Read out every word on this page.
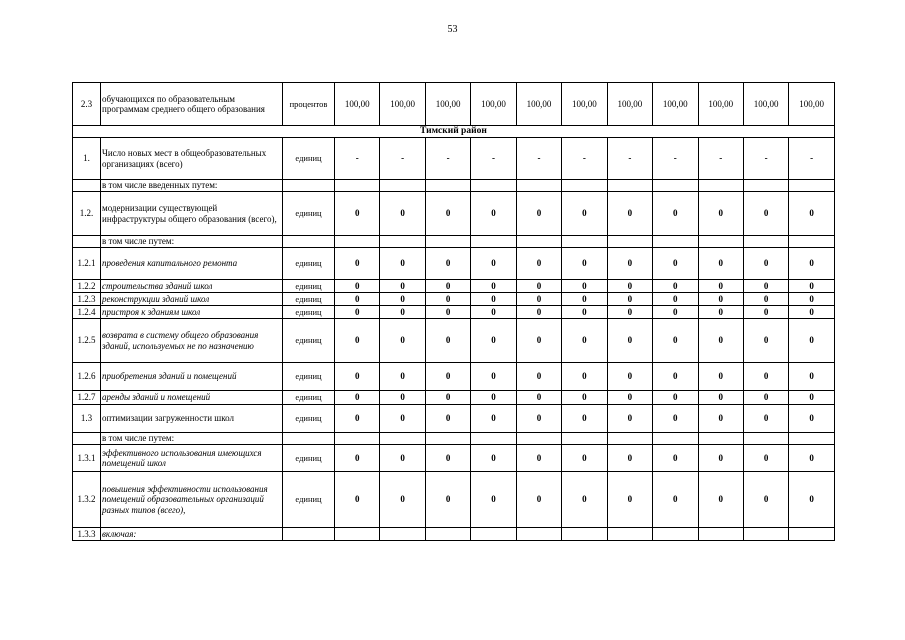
53
2.3	обучающихся по образовательным программам среднего общего образования	процентов	100,00	100,00	100,00	100,00	100,00	100,00	100,00	100,00	100,00	100,00	100,00
Тимский район													
1.	Число новых мест в общеобразовательных организациях (всего)	единиц	-	-	-	-	-	-	-	-	-	-	-
	в том числе введенных путем:												
1.2.	модернизации существующей инфраструктуры общего образования (всего),	единиц	0	0	0	0	0	0	0	0	0	0	0
	в том числе путем:												
1.2.1	проведения капитального ремонта	единиц	0	0	0	0	0	0	0	0	0	0	0
1.2.2	строительства зданий школ	единиц	0	0	0	0	0	0	0	0	0	0	0
1.2.3	реконструкции зданий школ	единиц	0	0	0	0	0	0	0	0	0	0	0
1.2.4	пристроя к зданиям школ	единиц	0	0	0	0	0	0	0	0	0	0	0
1.2.5	возврата в систему общего образования зданий, используемых не по назначению	единиц	0	0	0	0	0	0	0	0	0	0	0
1.2.6	приобретения зданий и помещений	единиц	0	0	0	0	0	0	0	0	0	0	0
1.2.7	аренды зданий и помещений	единиц	0	0	0	0	0	0	0	0	0	0	0
1.3	оптимизации загруженности школ	единиц	0	0	0	0	0	0	0	0	0	0	0
	в том числе путем:												
1.3.1	эффективного использования имеющихся помещений школ	единиц	0	0	0	0	0	0	0	0	0	0	0
1.3.2	повышения эффективности использования помещений образовательных организаций разных типов (всего),	единиц	0	0	0	0	0	0	0	0	0	0	0
1.3.3	включая:												
